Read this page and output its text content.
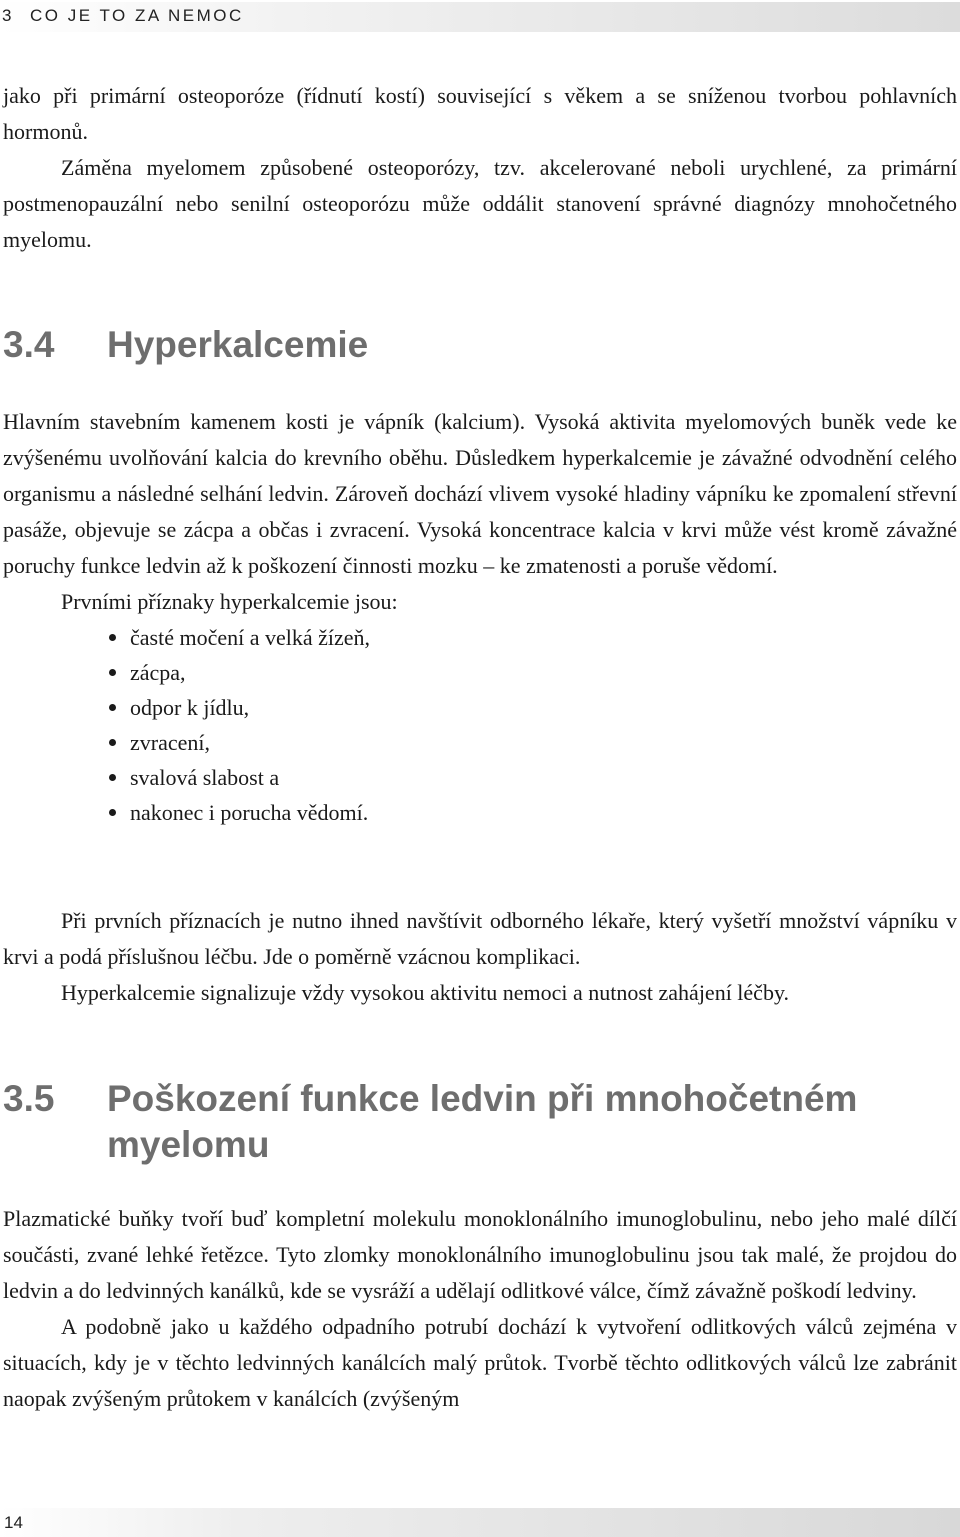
3 CO JE TO ZA NEMOC

jako při primární osteoporóze (řídnutí kostí) související s věkem a se sníženou tvorbou pohlavních hormonů.

Záměna myelomem způsobené osteoporózy, tzv. akcelerované neboli urychlené, za primární postmenopauzální nebo senilní osteoporózu může oddálit stanovení správné diagnózy mnohočetného myelomu.

3.4 Hyperkalcemie

Hlavním stavebním kamenem kosti je vápník (kalcium). Vysoká aktivita myelomových buněk vede ke zvýšenému uvolňování kalcia do krevního oběhu. Důsledkem hyperkalcemie je závažné odvodnění celého organismu a následné selhání ledvin. Zároveň dochází vlivem vysoké hladiny vápníku ke zpomalení střevní pasáže, objevuje se zácpa a občas i zvracení. Vysoká koncentrace kalcia v krvi může vést kromě závažné poruchy funkce ledvin až k poškození činnosti mozku – ke zmatenosti a poruše vědomí.

Prvními příznaky hyperkalcemie jsou:

časté močení a velká žízeň,
zácpa,
odpor k jídlu,
zvracení,
svalová slabost a
nakonec i porucha vědomí.

Při prvních příznacích je nutno ihned navštívit odborného lékaře, který vyšetří množství vápníku v krvi a podá příslušnou léčbu. Jde o poměrně vzácnou komplikaci.

Hyperkalcemie signalizuje vždy vysokou aktivitu nemoci a nutnost zahájení léčby.

3.5 Poškození funkce ledvin při mnohočetném
myelomu

Plazmatické buňky tvoří buď kompletní molekulu monoklonálního imunoglobulinu, nebo jeho malé dílčí součásti, zvané lehké řetězce. Tyto zlomky monoklonálního imunoglobulinu jsou tak malé, že projdou do ledvin a do ledvinných kanálků, kde se vysráží a udělají odlitkové válce, čímž závažně poškodí ledviny.

A podobně jako u každého odpadního potrubí dochází k vytvoření odlitkových válců zejména v situacích, kdy je v těchto ledvinných kanálcích malý průtok. Tvorbě těchto odlitkových válců lze zabránit naopak zvýšeným průtokem v kanálcích (zvýšeným

14
